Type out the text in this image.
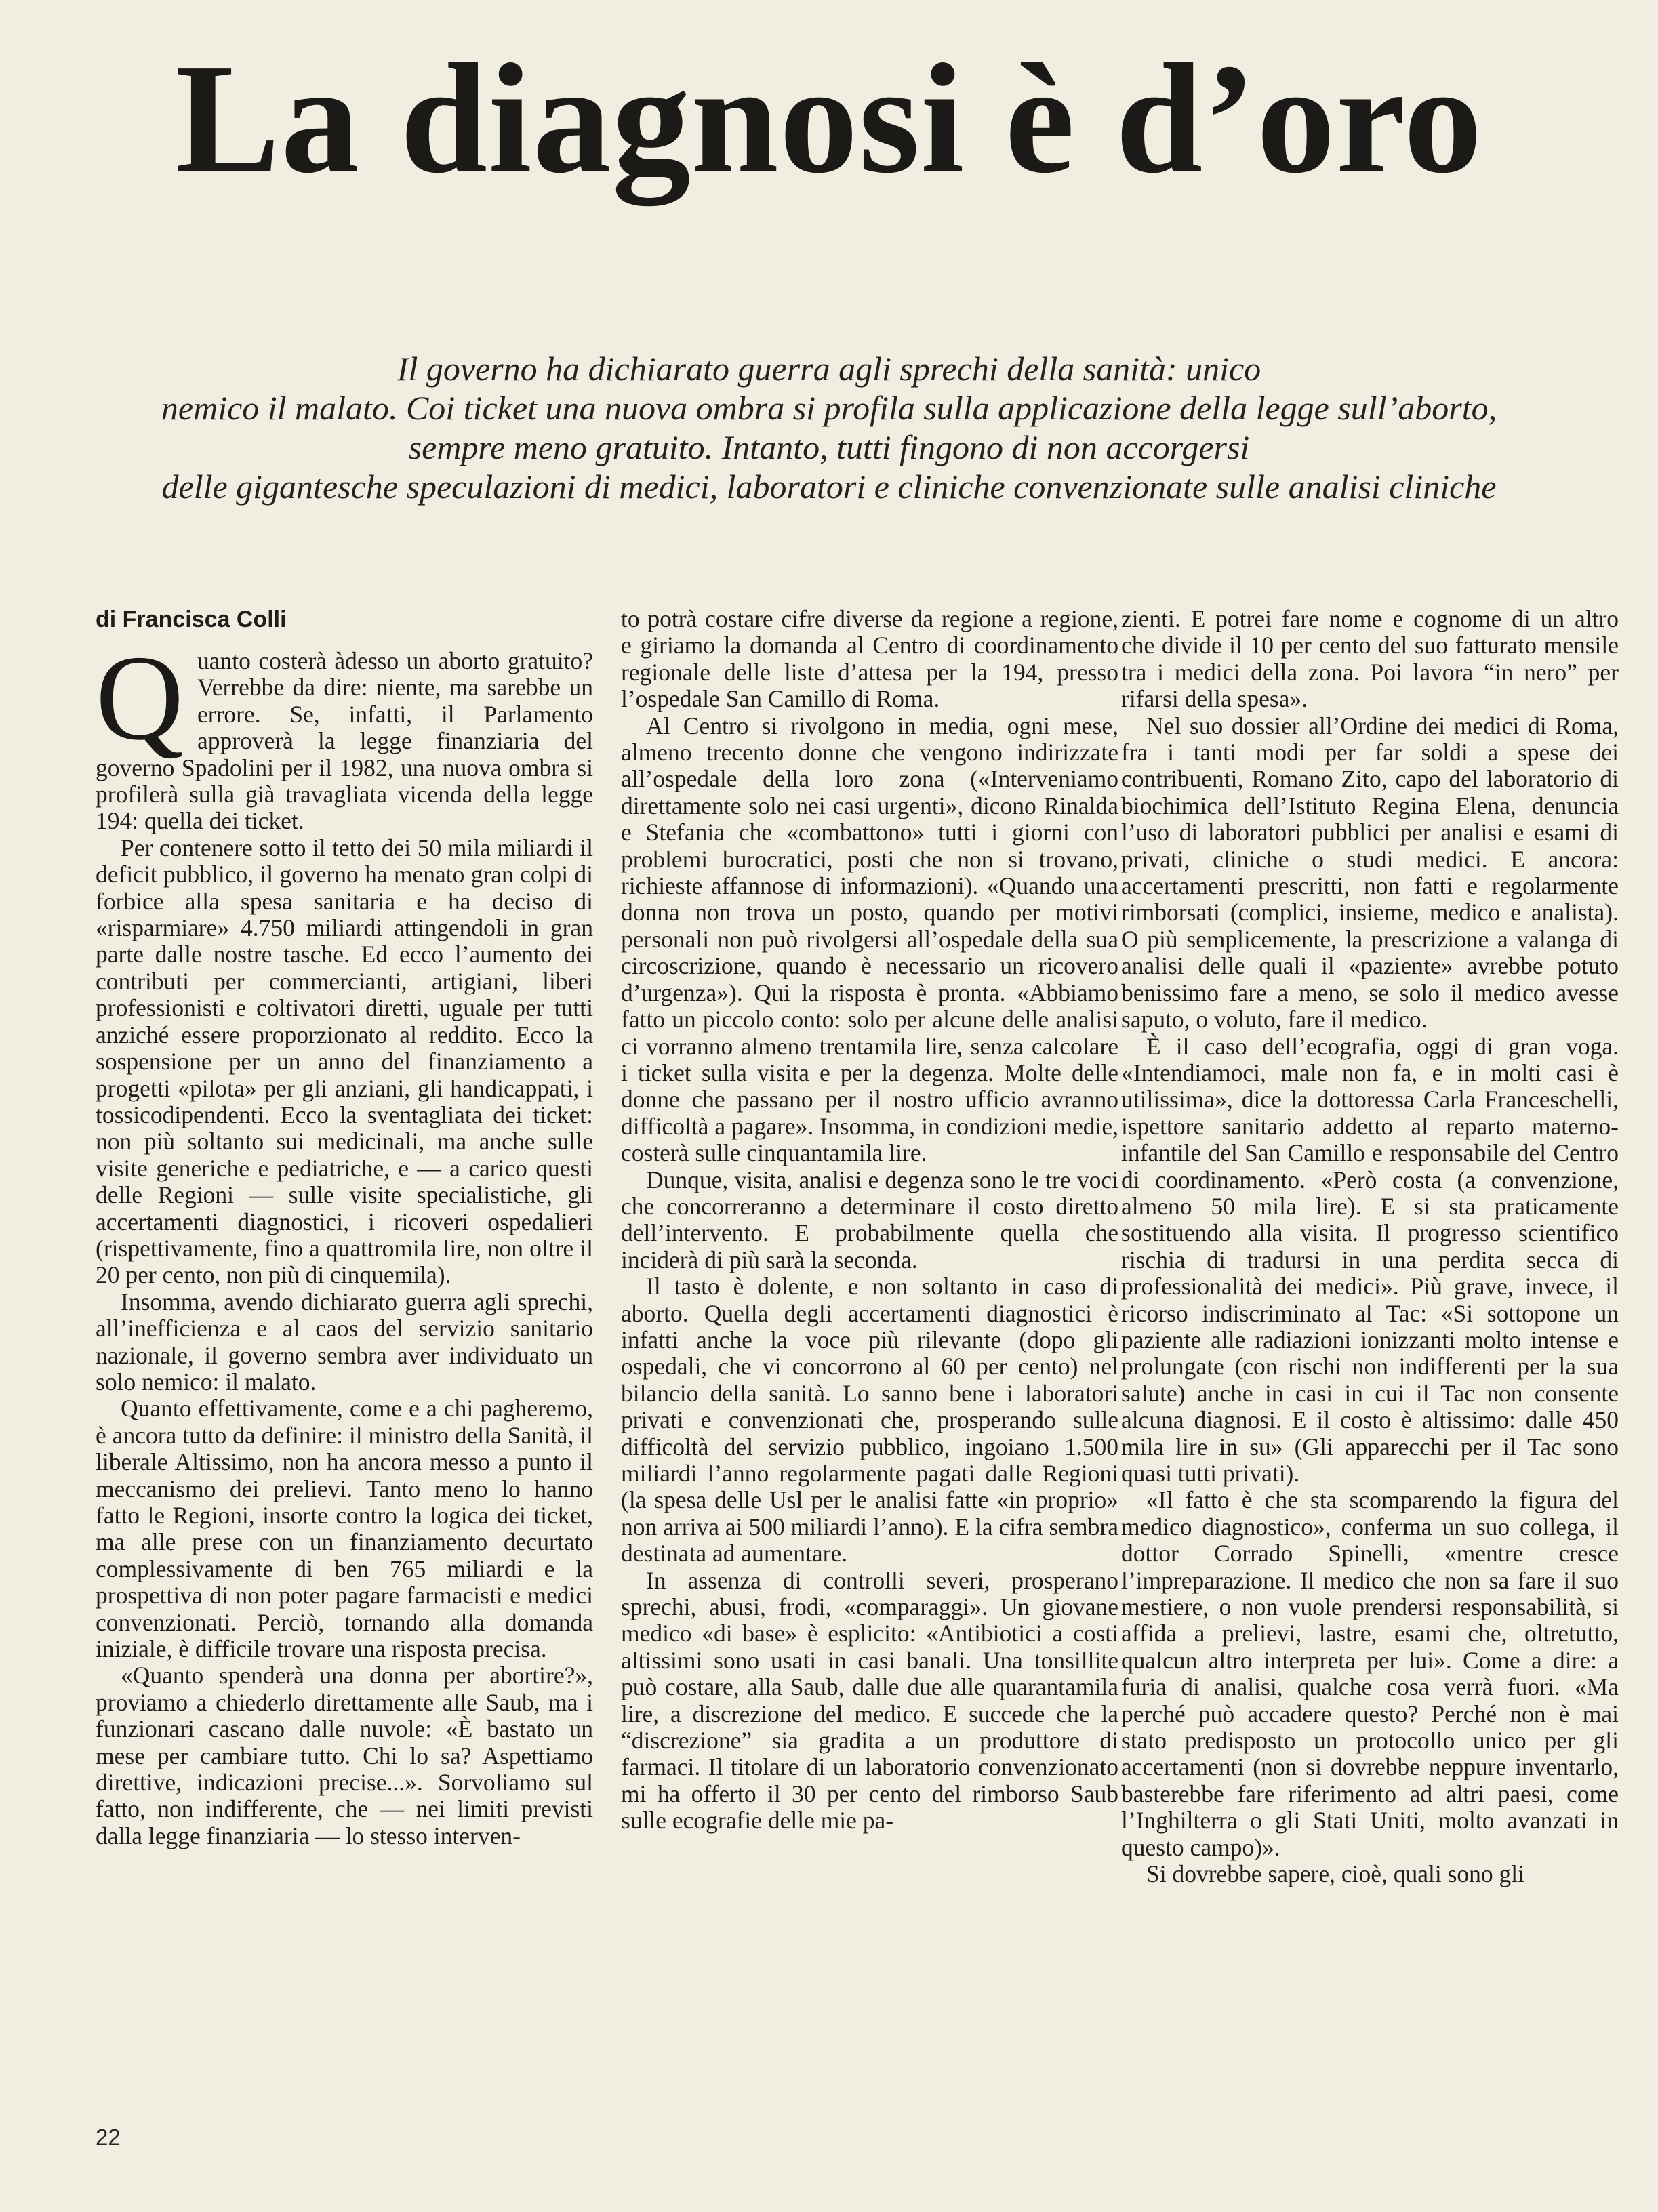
La diagnosi è d’oro
Il governo ha dichiarato guerra agli sprechi della sanità: unico
nemico il malato. Coi ticket una nuova ombra si profila sulla applicazione della legge sull’aborto,
sempre meno gratuito. Intanto, tutti fingono di non accorgersi
delle gigantesche speculazioni di medici, laboratori e cliniche convenzionate sulle analisi cliniche
di Francisca Colli
Q uanto costerà àdesso un aborto gratuito? Verrebbe da dire: niente, ma sarebbe un errore. Se, infatti, il Parlamento approverà la legge finanziaria del governo Spadolini per il 1982, una nuova ombra si profilerà sulla già travagliata vicenda della legge 194: quella dei ticket.

Per contenere sotto il tetto dei 50 mila miliardi il deficit pubblico, il governo ha menato gran colpi di forbice alla spesa sanitaria e ha deciso di «risparmiare» 4.750 miliardi attingendoli in gran parte dalle nostre tasche. Ed ecco l’aumento dei contributi per commercianti, artigiani, liberi professionisti e coltivatori diretti, uguale per tutti anziché essere proporzionato al reddito. Ecco la sospensione per un anno del finanziamento a progetti «pilota» per gli anziani, gli handicappati, i tossicodipendenti. Ecco la sventagliata dei ticket: non più soltanto sui medicinali, ma anche sulle visite generiche e pediatriche, e — a carico questi delle Regioni — sulle visite specialistiche, gli accertamenti diagnostici, i ricoveri ospedalieri (rispettivamente, fino a quattromila lire, non oltre il 20 per cento, non più di cinquemila).

Insomma, avendo dichiarato guerra agli sprechi, all’inefficienza e al caos del servizio sanitario nazionale, il governo sembra aver individuato un solo nemico: il malato.

Quanto effettivamente, come e a chi pagheremo, è ancora tutto da definire: il ministro della Sanità, il liberale Altissimo, non ha ancora messo a punto il meccanismo dei prelievi. Tanto meno lo hanno fatto le Regioni, insorte contro la logica dei ticket, ma alle prese con un finanziamento decurtato complessivamente di ben 765 miliardi e la prospettiva di non poter pagare farmacisti e medici convenzionati. Perciò, tornando alla domanda iniziale, è difficile trovare una risposta precisa.

«Quanto spenderà una donna per abortire?», proviamo a chiederlo direttamente alle Saub, ma i funzionari cascano dalle nuvole: «È bastato un mese per cambiare tutto. Chi lo sa? Aspettiamo direttive, indicazioni precise...». Sorvoliamo sul fatto, non indifferente, che — nei limiti previsti dalla legge finanziaria — lo stesso interven-

to potrà costare cifre diverse da regione a regione, e giriamo la domanda al Centro di coordinamento regionale delle liste d’attesa per la 194, presso l’ospedale San Camillo di Roma.

Al Centro si rivolgono in media, ogni mese, almeno trecento donne che vengono indirizzate all’ospedale della loro zona («Interveniamo direttamente solo nei casi urgenti», dicono Rinalda e Stefania che «combattono» tutti i giorni con problemi burocratici, posti che non si trovano, richieste affannose di informazioni). «Quando una donna non trova un posto, quando per motivi personali non può rivolgersi all’ospedale della sua circoscrizione, quando è necessario un ricovero d’urgenza»). Qui la risposta è pronta. «Abbiamo fatto un piccolo conto: solo per alcune delle analisi ci vorranno almeno trentamila lire, senza calcolare i ticket sulla visita e per la degenza. Molte delle donne che passano per il nostro ufficio avranno difficoltà a pagare». Insomma, in condizioni medie, costerà sulle cinquantamila lire.

Dunque, visita, analisi e degenza sono le tre voci che concorreranno a determinare il costo diretto dell’intervento. E probabilmente quella che inciderà di più sarà la seconda.

Il tasto è dolente, e non soltanto in caso di aborto. Quella degli accertamenti diagnostici è infatti anche la voce più rilevante (dopo gli ospedali, che vi concorrono al 60 per cento) nel bilancio della sanità. Lo sanno bene i laboratori privati e convenzionati che, prosperando sulle difficoltà del servizio pubblico, ingoiano 1.500 miliardi l’anno regolarmente pagati dalle Regioni (la spesa delle Usl per le analisi fatte «in proprio» non arriva ai 500 miliardi l’anno). E la cifra sembra destinata ad aumentare.

In assenza di controlli severi, prosperano sprechi, abusi, frodi, «comparaggi». Un giovane medico «di base» è esplicito: «Antibiotici a costi altissimi sono usati in casi banali. Una tonsillite può costare, alla Saub, dalle due alle quarantamila lire, a discrezione del medico. E succede che la “discrezione” sia gradita a un produttore di farmaci. Il titolare di un laboratorio convenzionato mi ha offerto il 30 per cento del rimborso Saub sulle ecografie delle mie pa-

zienti. E potrei fare nome e cognome di un altro che divide il 10 per cento del suo fatturato mensile tra i medici della zona. Poi lavora “in nero” per rifarsi della spesa».

Nel suo dossier all’Ordine dei medici di Roma, fra i tanti modi per far soldi a spese dei contribuenti, Romano Zito, capo del laboratorio di biochimica dell’Istituto Regina Elena, denuncia l’uso di laboratori pubblici per analisi e esami di privati, cliniche o studi medici. E ancora: accertamenti prescritti, non fatti e regolarmente rimborsati (complici, insieme, medico e analista). O più semplicemente, la prescrizione a valanga di analisi delle quali il «paziente» avrebbe potuto benissimo fare a meno, se solo il medico avesse saputo, o voluto, fare il medico.

È il caso dell’ecografia, oggi di gran voga. «Intendiamoci, male non fa, e in molti casi è utilissima», dice la dottoressa Carla Franceschelli, ispettore sanitario addetto al reparto materno-infantile del San Camillo e responsabile del Centro di coordinamento. «Però costa (a convenzione, almeno 50 mila lire). E si sta praticamente sostituendo alla visita. Il progresso scientifico rischia di tradursi in una perdita secca di professionalità dei medici». Più grave, invece, il ricorso indiscriminato al Tac: «Si sottopone un paziente alle radiazioni ionizzanti molto intense e prolungate (con rischi non indifferenti per la sua salute) anche in casi in cui il Tac non consente alcuna diagnosi. E il costo è altissimo: dalle 450 mila lire in su» (Gli apparecchi per il Tac sono quasi tutti privati).

«Il fatto è che sta scomparendo la figura del medico diagnostico», conferma un suo collega, il dottor Corrado Spinelli, «mentre cresce l’impreparazione. Il medico che non sa fare il suo mestiere, o non vuole prendersi responsabilità, si affida a prelievi, lastre, esami che, oltretutto, qualcun altro interpreta per lui». Come a dire: a furia di analisi, qualche cosa verrà fuori. «Ma perché può accadere questo? Perché non è mai stato predisposto un protocollo unico per gli accertamenti (non si dovrebbe neppure inventarlo, basterebbe fare riferimento ad altri paesi, come l’Inghilterra o gli Stati Uniti, molto avanzati in questo campo)».

Si dovrebbe sapere, cioè, quali sono gli

22
